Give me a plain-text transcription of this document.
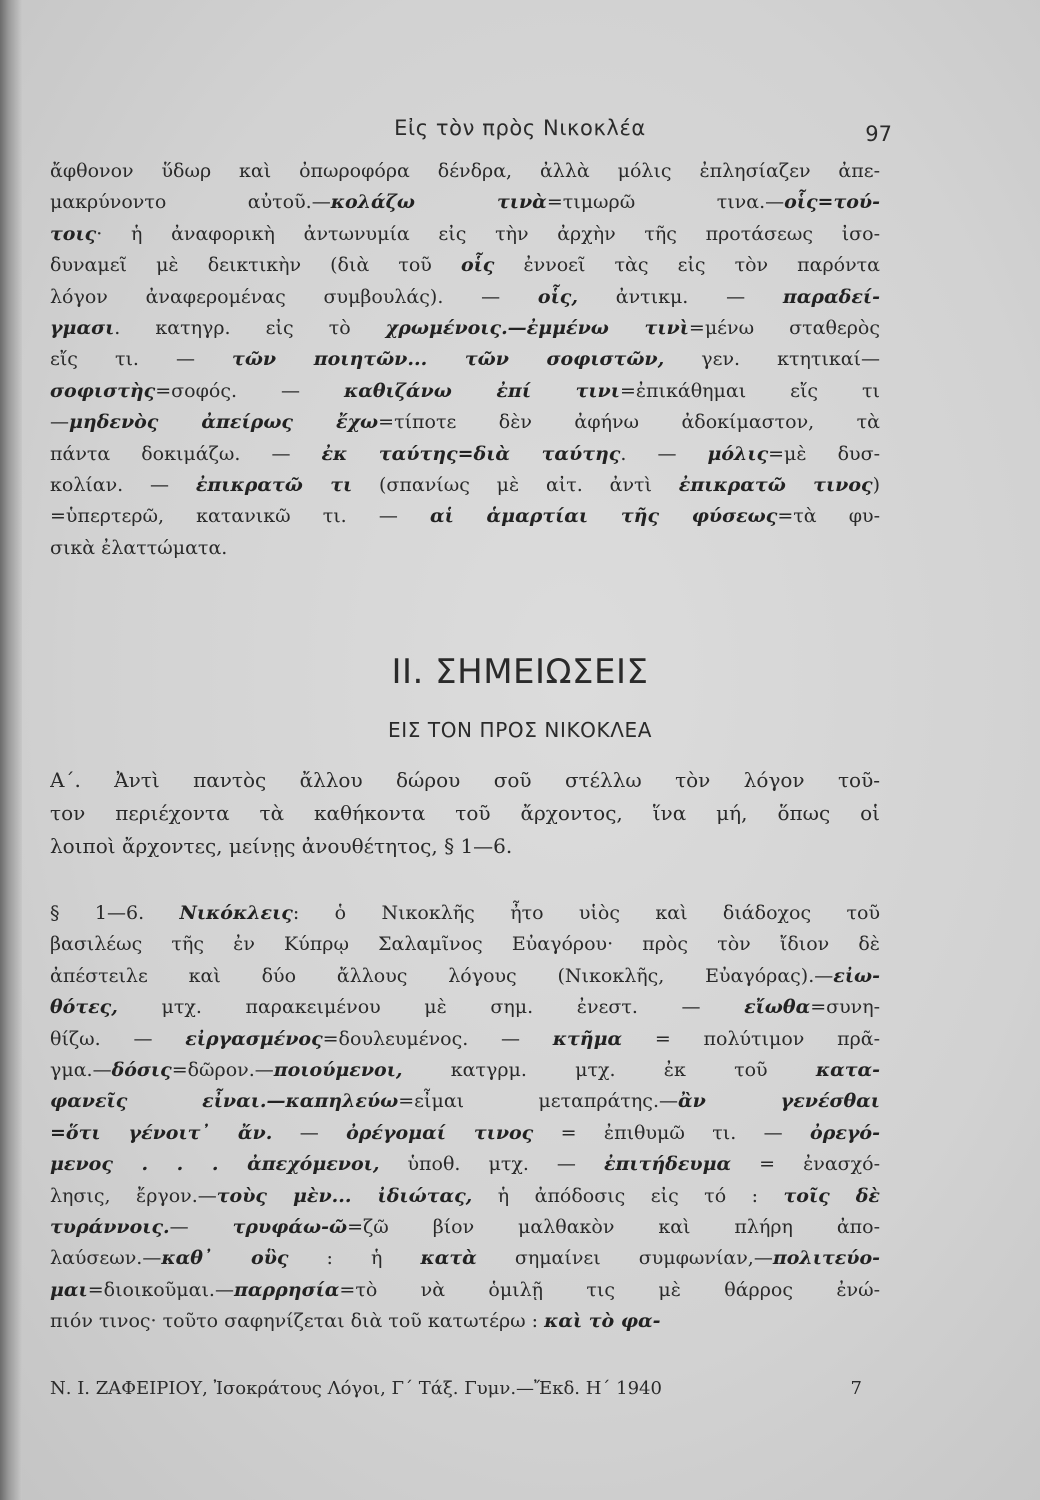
Εἰς τὸν πρὸς Νικοκλέα	97
ἄφθονον ὕδωρ καὶ ὀπωροφόρα δένδρα, ἀλλὰ μόλις ἐπλησίαζεν ἀπε-
μακρύνοντο αὐτοῦ.—κολάζω τινὰ=τιμωρῶ τινα.—οἷς=τού-
τοις· ἡ ἀναφορικὴ ἀντωνυμία εἰς τὴν ἀρχὴν τῆς προτάσεως ἰσο-
δυναμεῖ μὲ δεικτικὴν (διὰ τοῦ οἷς ἐννοεῖ τὰς εἰς τὸν παρόντα
λόγον ἀναφερομένας συμβουλάς). — οἷς, ἀντικμ. — παραδεί-
γμασι. κατηγρ. εἰς τὸ χρωμένοις.—ἐμμένω τινὶ=μένω σταθερὸς
εἴς τι. — τῶν ποιητῶν... τῶν σοφιστῶν, γεν. κτητικαί—
σοφιστὴς=σοφός. — καθιζάνω ἐπί τινι=ἐπικάθημαι εἴς τι
—μηδενὸς ἀπείρως ἔχω=τίποτε δὲν ἀφήνω ἀδοκίμαστον, τὰ
πάντα δοκιμάζω. — ἐκ ταύτης=διὰ ταύτης. — μόλις=μὲ δυσ-
κολίαν. — ἐπικρατῶ τι (σπανίως μὲ αἰτ. ἀντὶ ἐπικρατῶ τινος)
=ὑπερτερῶ, κατανικῶ τι. — αἱ ἁμαρτίαι τῆς φύσεως=τὰ φυ-
σικὰ ἐλαττώματα.
II. ΣΗΜΕΙΩΣΕΙΣ
ΕΙΣ ΤΟΝ ΠΡΟΣ ΝΙΚΟΚΛΕΑ
Α΄. Ἀντὶ παντὸς ἄλλου δώρου σοῦ στέλλω τὸν λόγον τοῦ-
τον περιέχοντα τὰ καθήκοντα τοῦ ἄρχοντος, ἵνα μή, ὅπως οἱ
λοιποὶ ἄρχοντες, μείνῃς ἀνουθέτητος, § 1—6.
§ 1—6. Νικόκλεις: ὁ Νικοκλῆς ἦτο υἱὸς καὶ διάδοχος τοῦ
βασιλέως τῆς ἐν Κύπρῳ Σαλαμῖνος Εὐαγόρου· πρὸς τὸν ἴδιον δὲ
ἀπέστειλε καὶ δύο ἄλλους λόγους (Νικοκλῆς, Εὐαγόρας).—εἰω-
θότες, μτχ. παρακειμένου μὲ σημ. ἐνεστ. — εἴωθα=συνη-
θίζω. — εἰργασμένος=δουλευμένος. — κτῆμα = πολύτιμον πρᾶ-
γμα.—δόσις=δῶρον.—ποιούμενοι, κατγρμ. μτχ. ἐκ τοῦ κατα-
φανεῖς εἶναι.—καπηλεύω=εἶμαι μεταπράτης.—ἂν γενέσθαι
=ὅτι γένοιτ᾽ ἄν. — ὀρέγομαί τινος = ἐπιθυμῶ τι. — ὀρεγό-
μενος . . . ἀπεχόμενοι, ὑποθ. μτχ. — ἐπιτήδευμα = ἐνασχό-
λησις, ἔργον.—τοὺς μὲν... ἰδιώτας, ἡ ἀπόδοσις εἰς τό : τοῖς δὲ
τυράννοις.— τρυφάω-ῶ=ζῶ βίον μαλθακὸν καὶ πλήρη ἀπο-
λαύσεων.—καθ᾽ οὓς : ἡ κατὰ σημαίνει συμφωνίαν,—πολιτεύο-
μαι=διοικοῦμαι.—παρρησία=τὸ νὰ ὁμιλῇ τις μὲ θάρρος ἐνώ-
πιόν τινος· τοῦτο σαφηνίζεται διὰ τοῦ κατωτέρω : καὶ τὸ φα-
Ν. Ι. ΖΑΦΕΙΡΙΟΥ, Ἰσοκράτους Λόγοι, Γ΄ Τάξ. Γυμν.—Ἔκδ. Η΄ 1940	7
